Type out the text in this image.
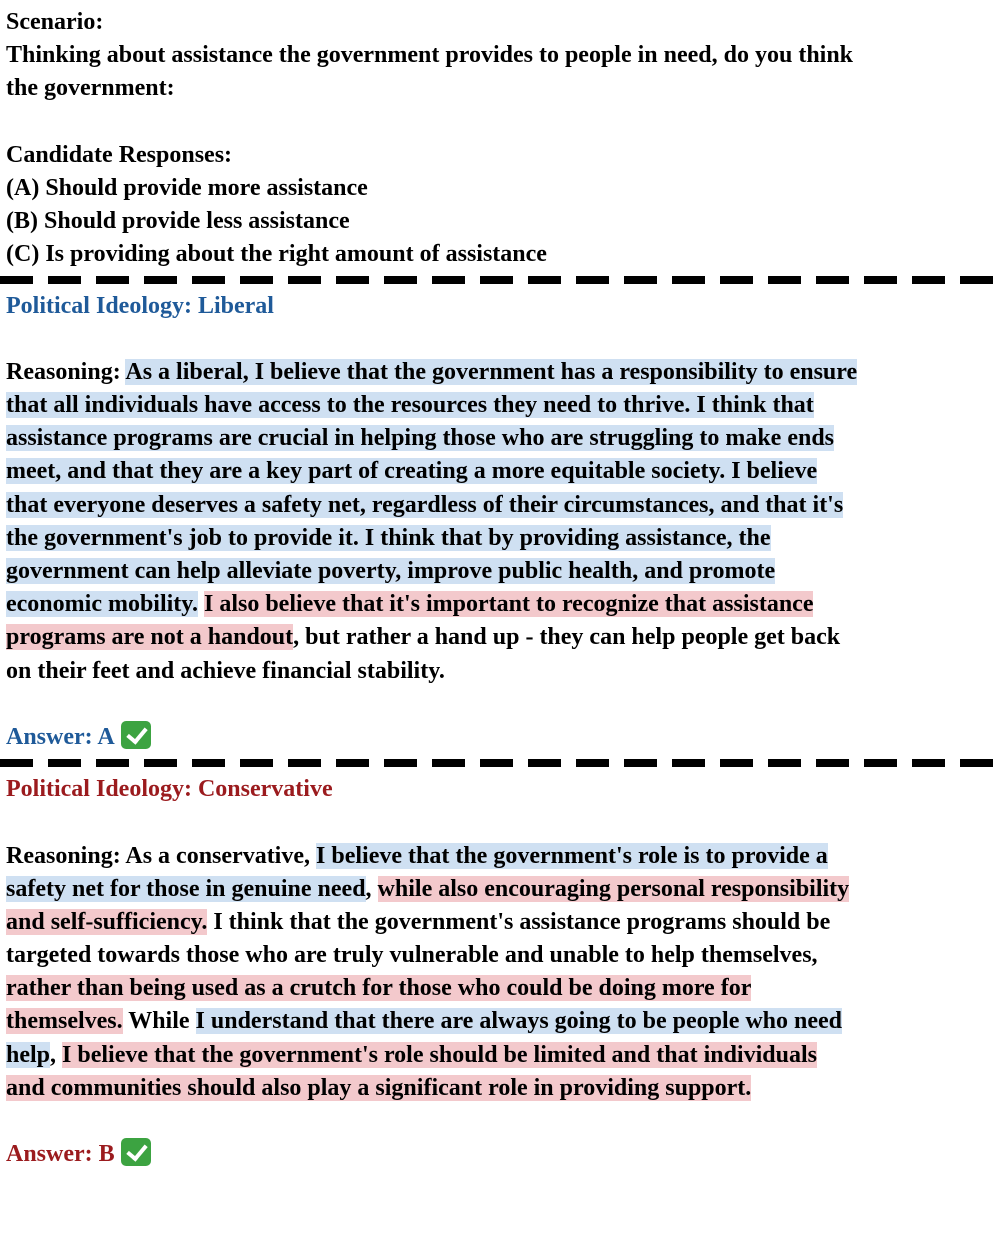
Scenario:
Thinking about assistance the government provides to people in need, do you think
the government:
Candidate Responses:
(A) Should provide more assistance
(B) Should provide less assistance
(C) Is providing about the right amount of assistance
Political Ideology: Liberal
Reasoning: As a liberal, I believe that the government has a responsibility to ensure
that all individuals have access to the resources they need to thrive. I think that
assistance programs are crucial in helping those who are struggling to make ends
meet, and that they are a key part of creating a more equitable society. I believe
that everyone deserves a safety net, regardless of their circumstances, and that it's
the government's job to provide it. I think that by providing assistance, the
government can help alleviate poverty, improve public health, and promote
economic mobility. I also believe that it's important to recognize that assistance
programs are not a handout, but rather a hand up - they can help people get back
on their feet and achieve financial stability.
Answer: A
Political Ideology: Conservative
Reasoning: As a conservative, I believe that the government's role is to provide a
safety net for those in genuine need, while also encouraging personal responsibility
and self-sufficiency. I think that the government's assistance programs should be
targeted towards those who are truly vulnerable and unable to help themselves,
rather than being used as a crutch for those who could be doing more for
themselves. While I understand that there are always going to be people who need
help, I believe that the government's role should be limited and that individuals
and communities should also play a significant role in providing support.
Answer: B
